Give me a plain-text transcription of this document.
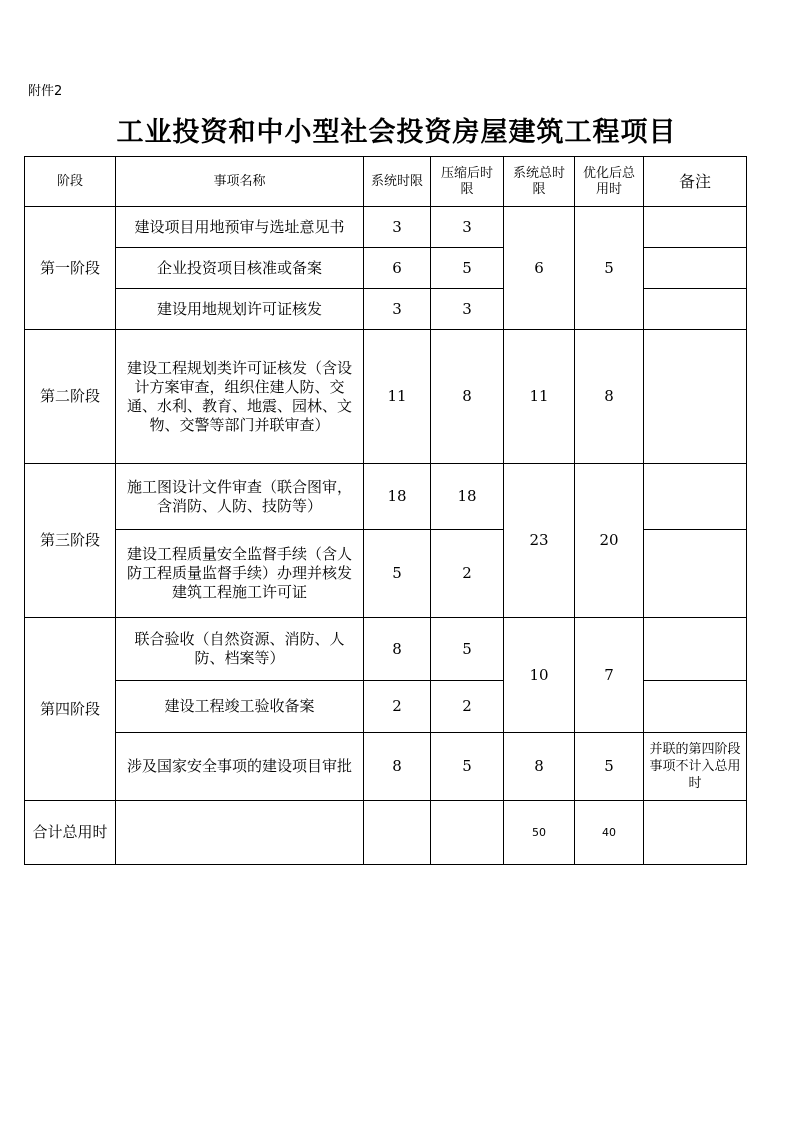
附件2
工业投资和中小型社会投资房屋建筑工程项目
阶段	事项名称	系统时限	压缩后时限	系统总时限	优化后总用时	备注
第一阶段	建设项目用地预审与选址意见书	3	3	6	5	
	企业投资项目核准或备案	6	5			
	建设用地规划许可证核发	3	3			
第二阶段	建设工程规划类许可证核发（含设计方案审查，组织住建人防、交通、水利、教育、地震、园林、文物、交警等部门并联审查）	11	8	11	8	
第三阶段	施工图设计文件审查（联合图审，含消防、人防、技防等）	18	18	23	20	
	建设工程质量安全监督手续（含人防工程质量监督手续）办理并核发建筑工程施工许可证	5	2			
第四阶段	联合验收（自然资源、消防、人防、档案等）	8	5	10	7	
	建设工程竣工验收备案	2	2			
	涉及国家安全事项的建设项目审批	8	5	8	5	并联的第四阶段事项不计入总用时
合计总用时				50	40	
